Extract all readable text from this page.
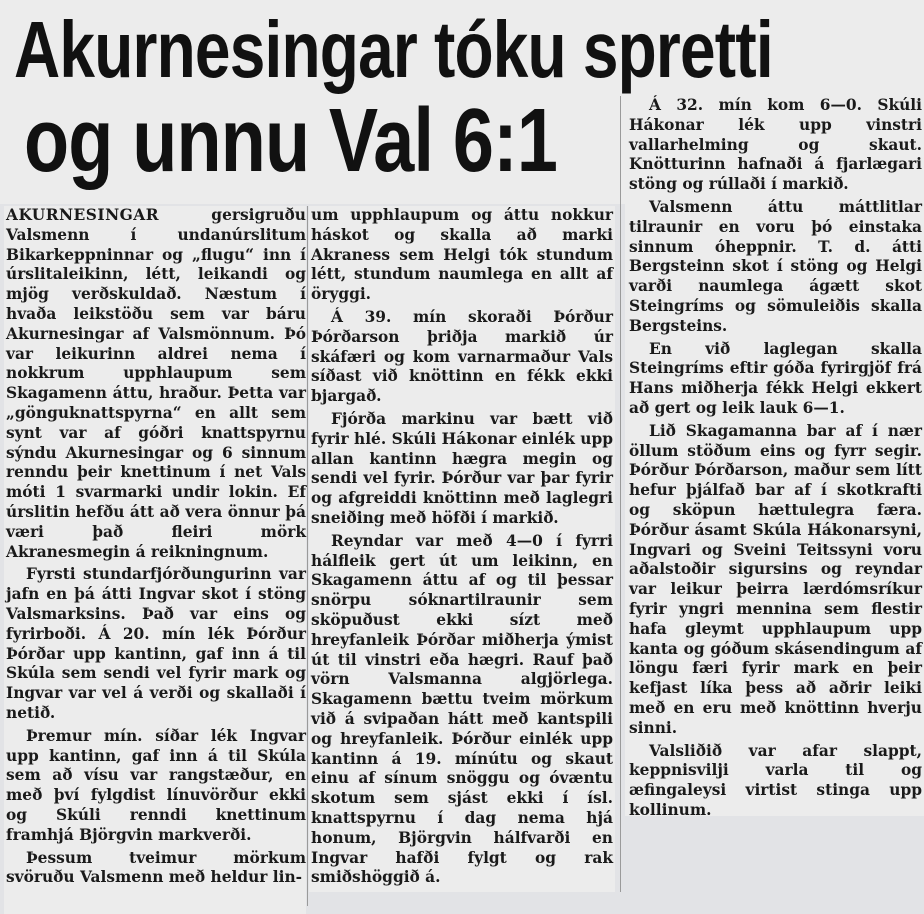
Akurnesingar tóku spretti
og unnu Val 6:1

AKURNESINGAR gersigruðu Valsmenn í undanúrslitum Bikarkeppninnar og „flugu“ inn í úrslitaleikinn, létt, leikandi og mjög verðskuldað. Næstum í hvaða leikstöðu sem var báru Akurnesingar af Valsmönnum. Þó var leikurinn aldrei nema í nokkrum upphlaupum sem Skagamenn áttu, hraður. Þetta var „gönguknattspyrna“ en allt sem synt var af góðri knattspyrnu sýndu Akurnesingar og 6 sinnum renndu þeir knettinum í net Vals móti 1 svarmarki undir lokin. Ef úrslitin hefðu átt að vera önnur þá væri það fleiri mörk Akranesmegin á reikningnum.

Fyrsti stundarfjórðungurinn var jafn en þá átti Ingvar skot í stöng Valsmarksins. Það var eins og fyrirboði. Á 20. mín lék Þórður Þórðar upp kantinn, gaf inn á til Skúla sem sendi vel fyrir mark og Ingvar var vel á verði og skallaði í netið.

Þremur mín. síðar lék Ingvar upp kantinn, gaf inn á til Skúla sem að vísu var rangstæður, en með því fylgdist línuvörður ekki og Skúli renndi knettinum framhjá Björgvin markverði.

Þessum tveimur mörkum svöruðu Valsmenn með heldur lin-

um upphlaupum og áttu nokkur háskot og skalla að marki Akraness sem Helgi tók stundum létt, stundum naumlega en allt af öryggi.

Á 39. mín skoraði Þórður Þórðarson þriðja markið úr skáfæri og kom varnarmaður Vals síðast við knöttinn en fékk ekki bjargað.

Fjórða markinu var bætt við fyrir hlé. Skúli Hákonar einlék upp allan kantinn hægra megin og sendi vel fyrir. Þórður var þar fyrir og afgreiddi knöttinn með laglegri sneiðing með höfði í markið.

Reyndar var með 4—0 í fyrri hálfleik gert út um leikinn, en Skagamenn áttu af og til þessar snörpu sóknartilraunir sem sköpuðust ekki sízt með hreyfanleik Þórðar miðherja ýmist út til vinstri eða hægri. Rauf það vörn Valsmanna algjörlega. Skagamenn bættu tveim mörkum við á svipaðan hátt með kantspili og hreyfanleik. Þórður einlék upp kantinn á 19. mínútu og skaut einu af sínum snöggu og óvæntu skotum sem sjást ekki í ísl. knattspyrnu í dag nema hjá honum, Björgvin hálfvarði en Ingvar hafði fylgt og rak smiðshöggið á.

Á 32. mín kom 6—0. Skúli Hákonar lék upp vinstri vallarhelming og skaut. Knötturinn hafnaði á fjarlægari stöng og rúllaði í markið.

Valsmenn áttu máttlitlar tilraunir en voru þó einstaka sinnum óheppnir. T. d. átti Bergsteinn skot í stöng og Helgi varði naumlega ágætt skot Steingríms og sömuleiðis skalla Bergsteins.

En við laglegan skalla Steingríms eftir góða fyrirgjöf frá Hans miðherja fékk Helgi ekkert að gert og leik lauk 6—1.

Lið Skagamanna bar af í nær öllum stöðum eins og fyrr segir. Þórður Þórðarson, maður sem lítt hefur þjálfað bar af í skotkrafti og sköpun hættulegra færa. Þórður ásamt Skúla Hákonarsyni, Ingvari og Sveini Teitssyni voru aðalstoðir sigursins og reyndar var leikur þeirra lærdómsríkur fyrir yngri mennina sem flestir hafa gleymt upphlaupum upp kanta og góðum skásendingum af löngu færi fyrir mark en þeir kefjast líka þess að aðrir leiki með en eru með knöttinn hverju sinni.

Valsliðið var afar slappt, keppnisvilji varla til og æfingaleysi virtist stinga upp kollinum.
